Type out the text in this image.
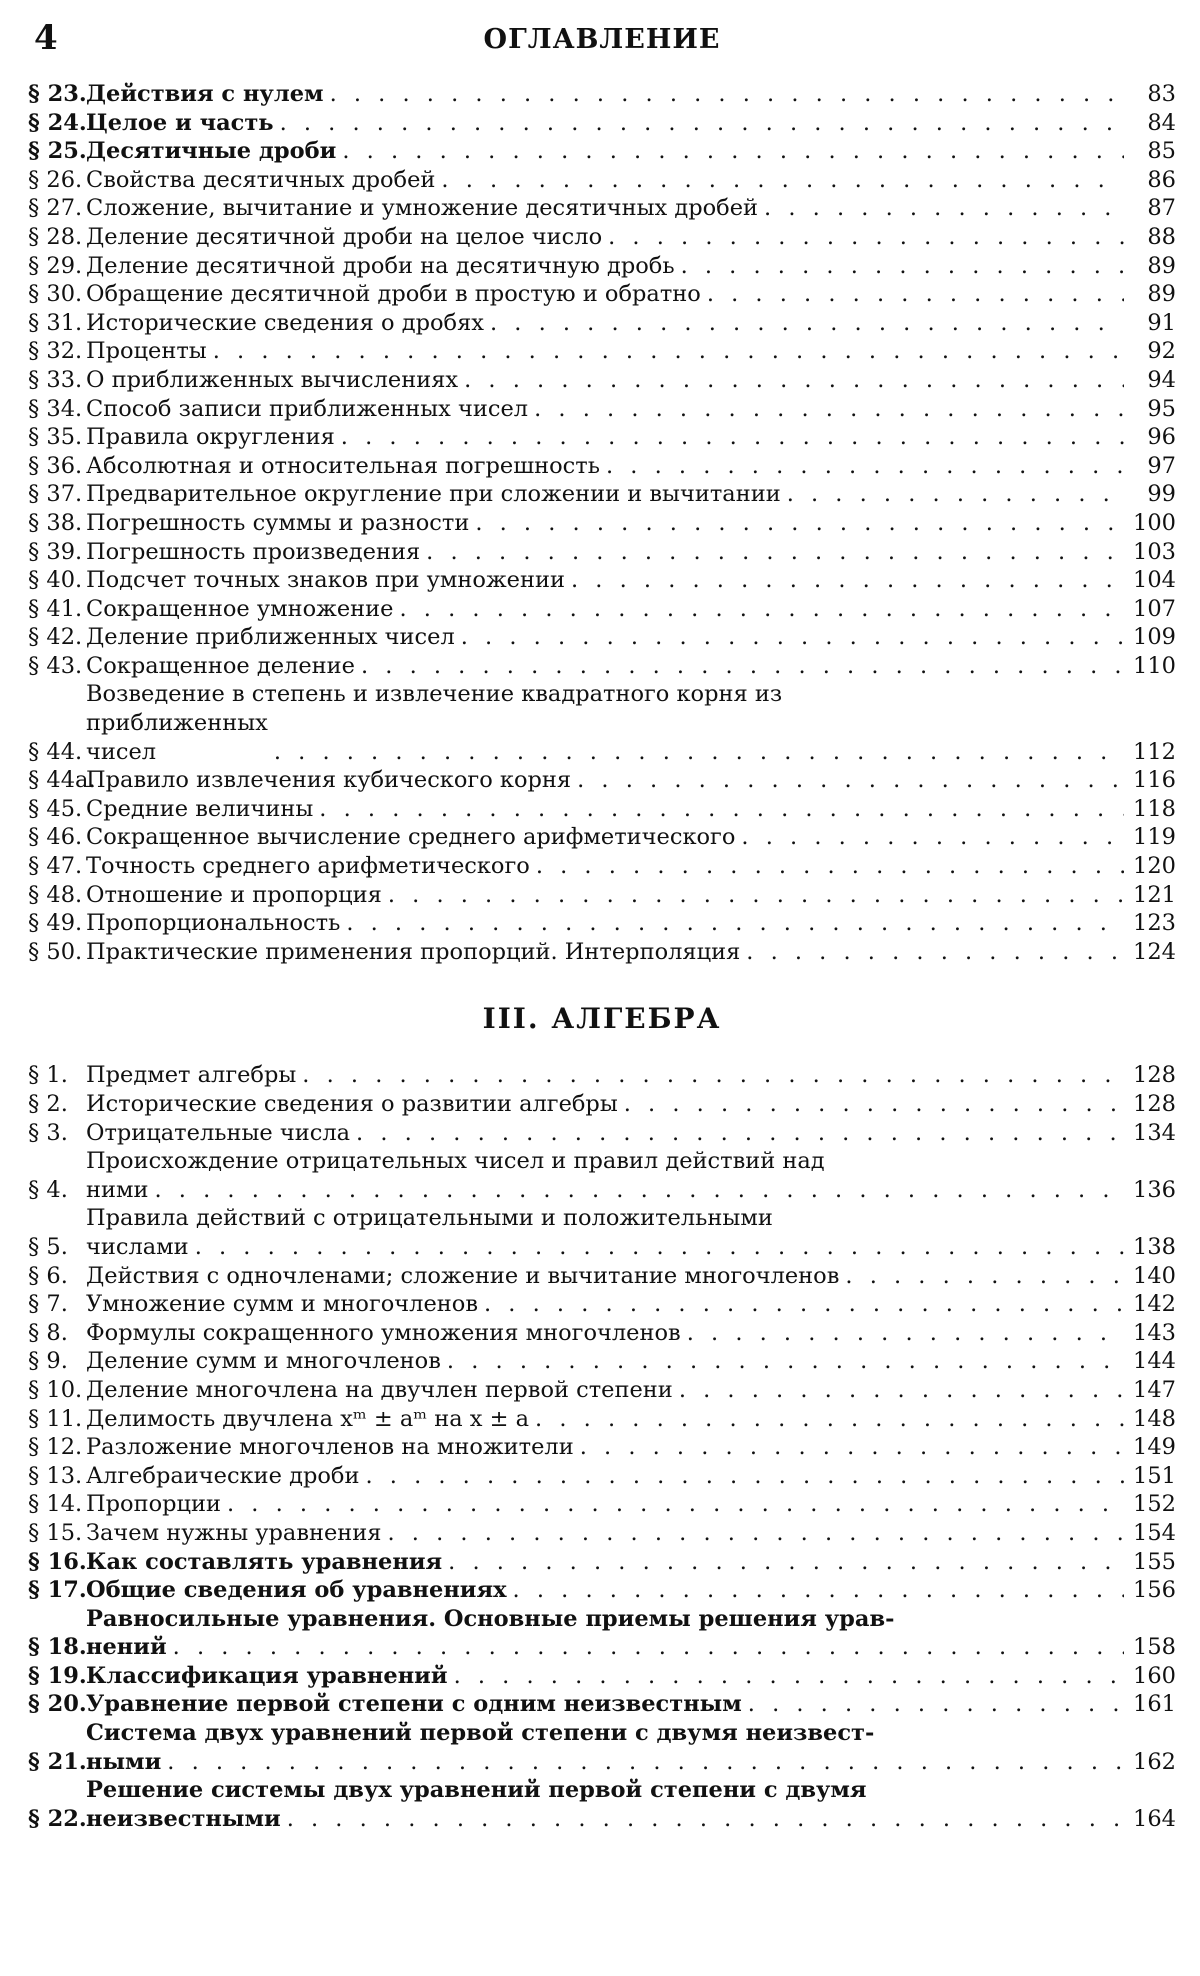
4	ОГЛАВЛЕНИЕ
§ 23. Действия с нулем . . .	83
§ 24. Целое и часть . . .	84
§ 25. Десятичные дроби . . .	85
§ 26. Свойства десятичных дробей . . .	86
§ 27. Сложение, вычитание и умножение десятичных дробей . . .	87
§ 28. Деление десятичной дроби на целое число . . .	88
§ 29. Деление десятичной дроби на десятичную дробь . . .	89
§ 30. Обращение десятичной дроби в простую и обратно . . .	89
§ 31. Исторические сведения о дробях . . .	91
§ 32. Проценты . . .	92
§ 33. О приближенных вычислениях . . .	94
§ 34. Способ записи приближенных чисел . . .	95
§ 35. Правила округления . . .	96
§ 36. Абсолютная и относительная погрешность . . .	97
§ 37. Предварительное округление при сложении и вычитании . . .	99
§ 38. Погрешность суммы и разности . . .	100
§ 39. Погрешность произведения . . .	103
§ 40. Подсчет точных знаков при умножении . . .	104
§ 41. Сокращенное умножение . . .	107
§ 42. Деление приближенных чисел . . .	109
§ 43. Сокращенное деление . . .	110
§ 44.
Возведение в степень и извлечение квадратного корня из
приближенных чисел . . .	112
§ 44а.
Правило извлечения кубического корня . . .	116
§ 45. Средние величины . . .	118
§ 46. Сокращенное вычисление среднего арифметического . . .	119
§ 47. Точность среднего арифметического . . .	120
§ 48. Отношение и пропорция . . .	121
§ 49. Пропорциональность . . .	123
§ 50. Практические применения пропорций. Интерполяция . . .	124
III. АЛГЕБРА
§ 1. Предмет алгебры . . .	128
§ 2. Исторические сведения о развитии алгебры . . .	128
§ 3. Отрицательные числа . . .	134
§ 4.
Происхождение отрицательных чисел и правил действий над
ними . . .	136
§ 5.
Правила действий с отрицательными и положительными
числами . . .	138
§ 6. Действия с одночленами; сложение и вычитание многочленов . . .	140
§ 7. Умножение сумм и многочленов . . .	142
§ 8. Формулы сокращенного умножения многочленов . . .	143
§ 9. Деление сумм и многочленов . . .	144
§ 10. Деление многочлена на двучлен первой степени . . .	147
§ 11. Делимость двучлена xᵐ ± aᵐ на x ± a . . .	148
§ 12. Разложение многочленов на множители . . .	149
§ 13. Алгебраические дроби . . .	151
§ 14. Пропорции . . .	152
§ 15. Зачем нужны уравнения . . .	154
§ 16. Как составлять уравнения . . .	155
§ 17. Общие сведения об уравнениях . . .	156
§ 18.
Равносильные уравнения. Основные приемы решения урав-
нений . . .	158
§ 19. Классификация уравнений . . .	160
§ 20. Уравнение первой степени с одним неизвестным . . .	161
§ 21.
Система двух уравнений первой степени с двумя неизвест-
ными . . .	162
§ 22.
Решение системы двух уравнений первой степени с двумя
неизвестными . . .	164
